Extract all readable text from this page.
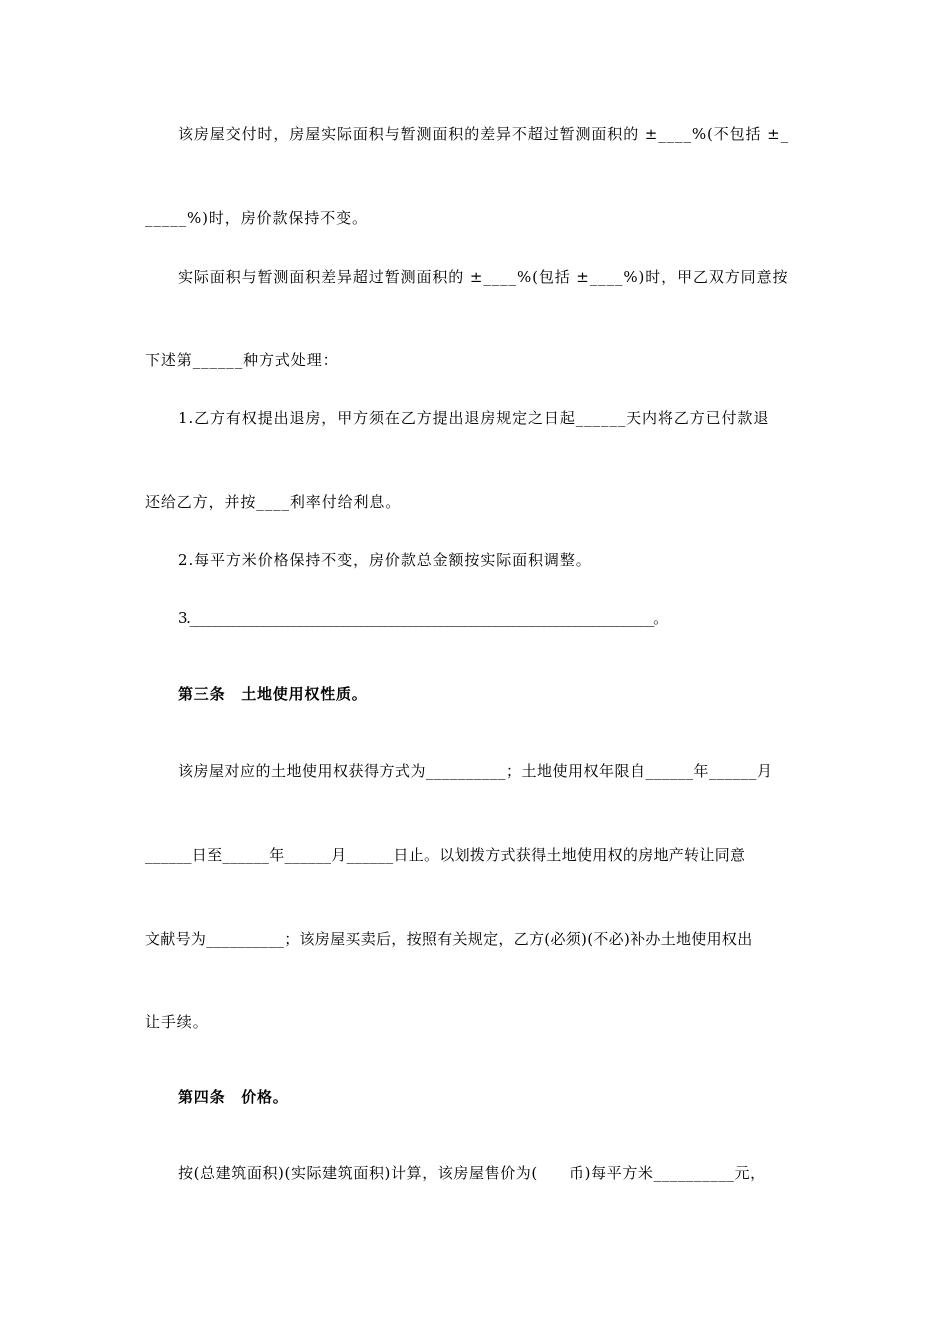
该房屋交付时，房屋实际面积与暂测面积的差异不超过暂测面积的 ±____%(不包括 ±_
_____%)时，房价款保持不变。
实际面积与暂测面积差异超过暂测面积的 ±____%(包括 ±____%)时，甲乙双方同意按
下述第______种方式处理：
1.乙方有权提出退房，甲方须在乙方提出退房规定之日起______天内将乙方已付款退
还给乙方，并按____利率付给利息。
2.每平方米价格保持不变，房价款总金额按实际面积调整。
3.____________________________________________________________________________。
第三条　土地使用权性质。
该房屋对应的土地使用权获得方式为__________；土地使用权年限自______年______月
______日至______年______月______日止。以划拨方式获得土地使用权的房地产转让同意
文献号为__________；该房屋买卖后，按照有关规定，乙方(必须)(不必)补办土地使用权出
让手续。
第四条　价格。
按(总建筑面积)(实际建筑面积)计算，该房屋售价为(　　币)每平方米__________元，
